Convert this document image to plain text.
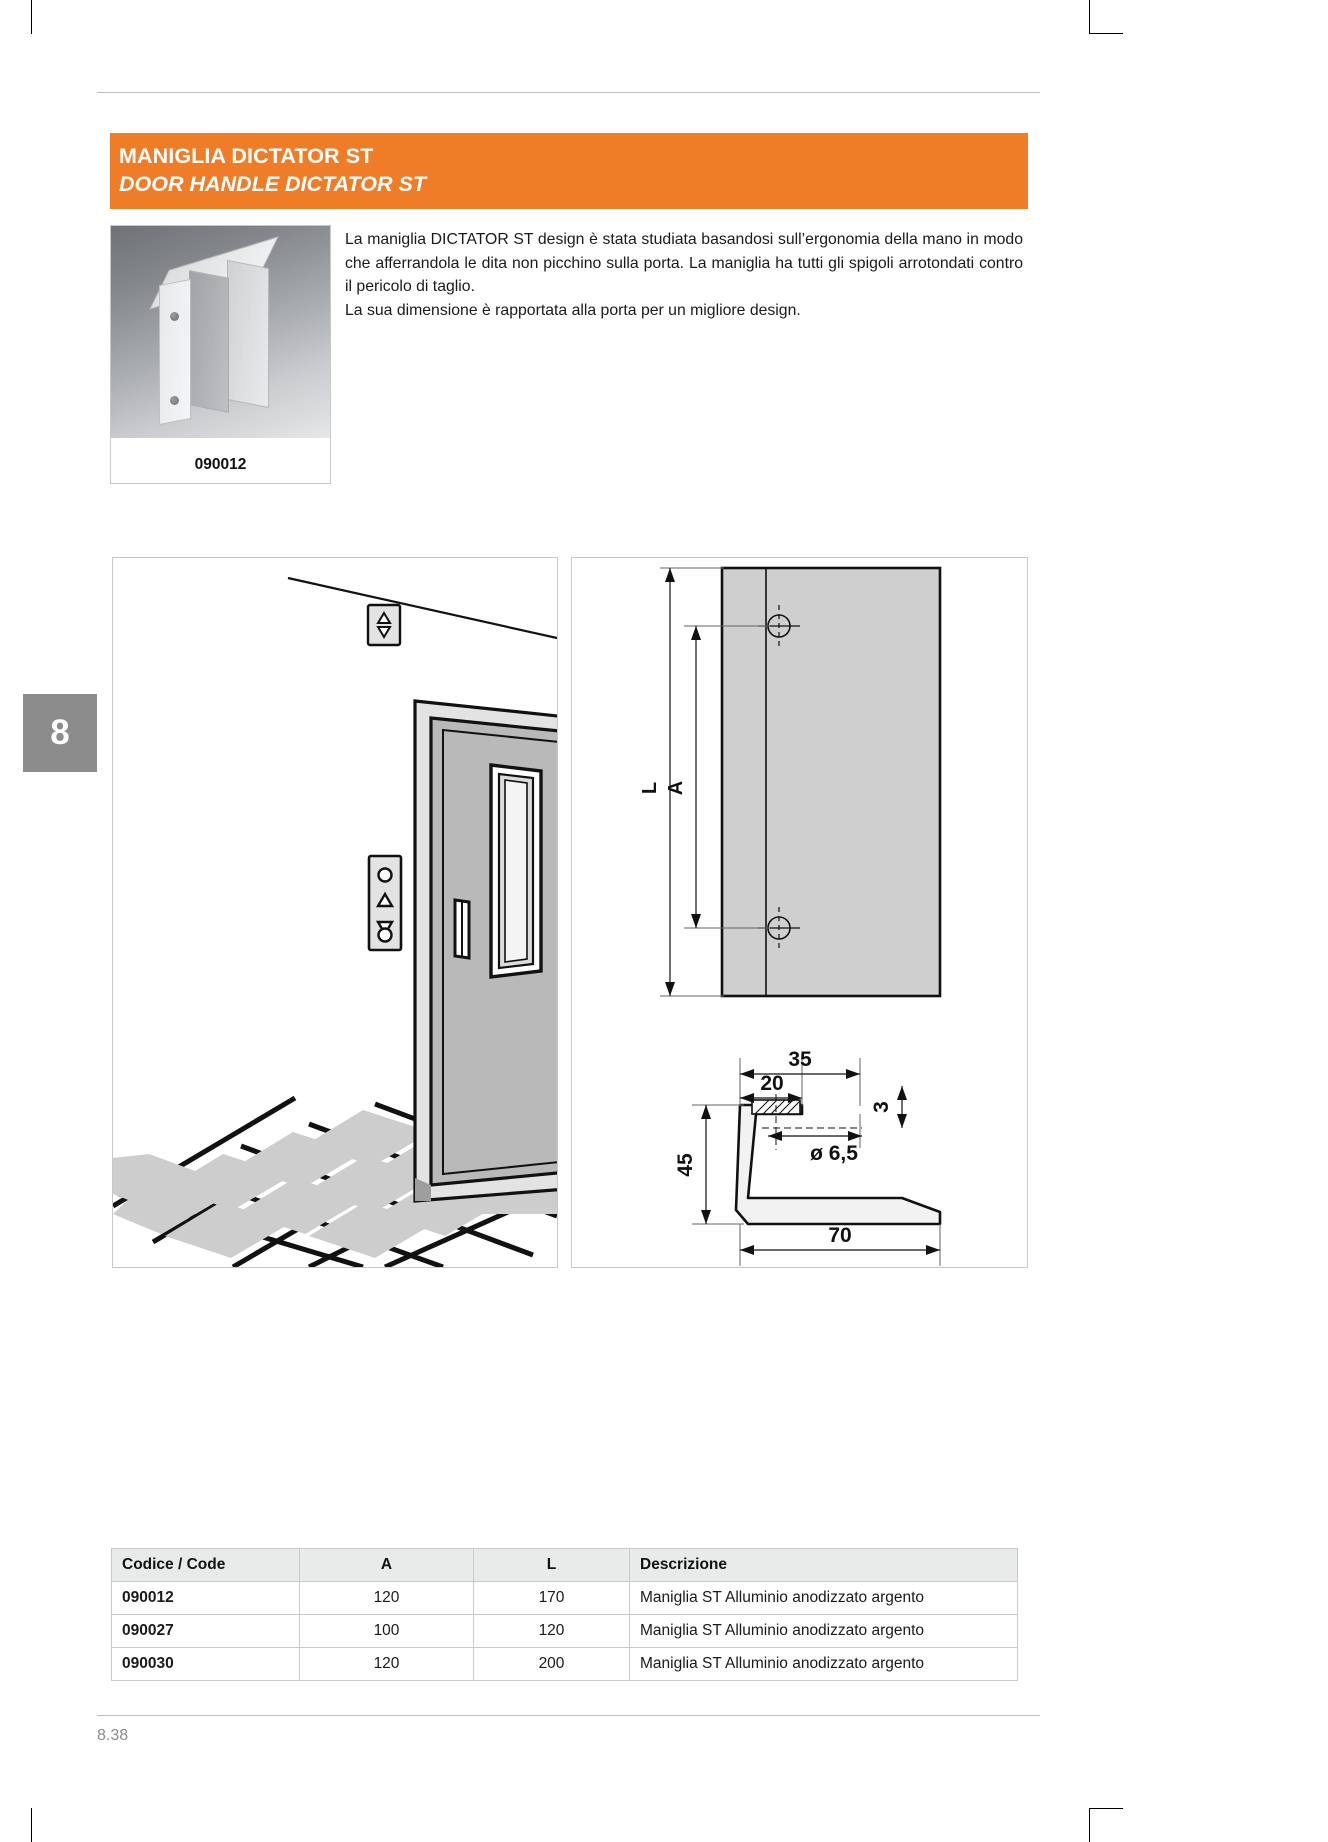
8
MANIGLIA DICTATOR ST
DOOR HANDLE DICTATOR ST
090012

La maniglia DICTATOR ST design è stata studiata basandosi sull’ergonomia della mano in modo che afferrandola le dita non picchino sulla porta. La maniglia ha tutti gli spigoli arrotondati contro il pericolo di taglio.

La sua dimensione è rapportata alla porta per un migliore design.

L A
35
20
3
ø 6,5
45
70
Codice / Code	A	L	Descrizione
090012	120	170	Maniglia ST Alluminio anodizzato argento
090027	100	120	Maniglia ST Alluminio anodizzato argento
090030	120	200	Maniglia ST Alluminio anodizzato argento
8.38
